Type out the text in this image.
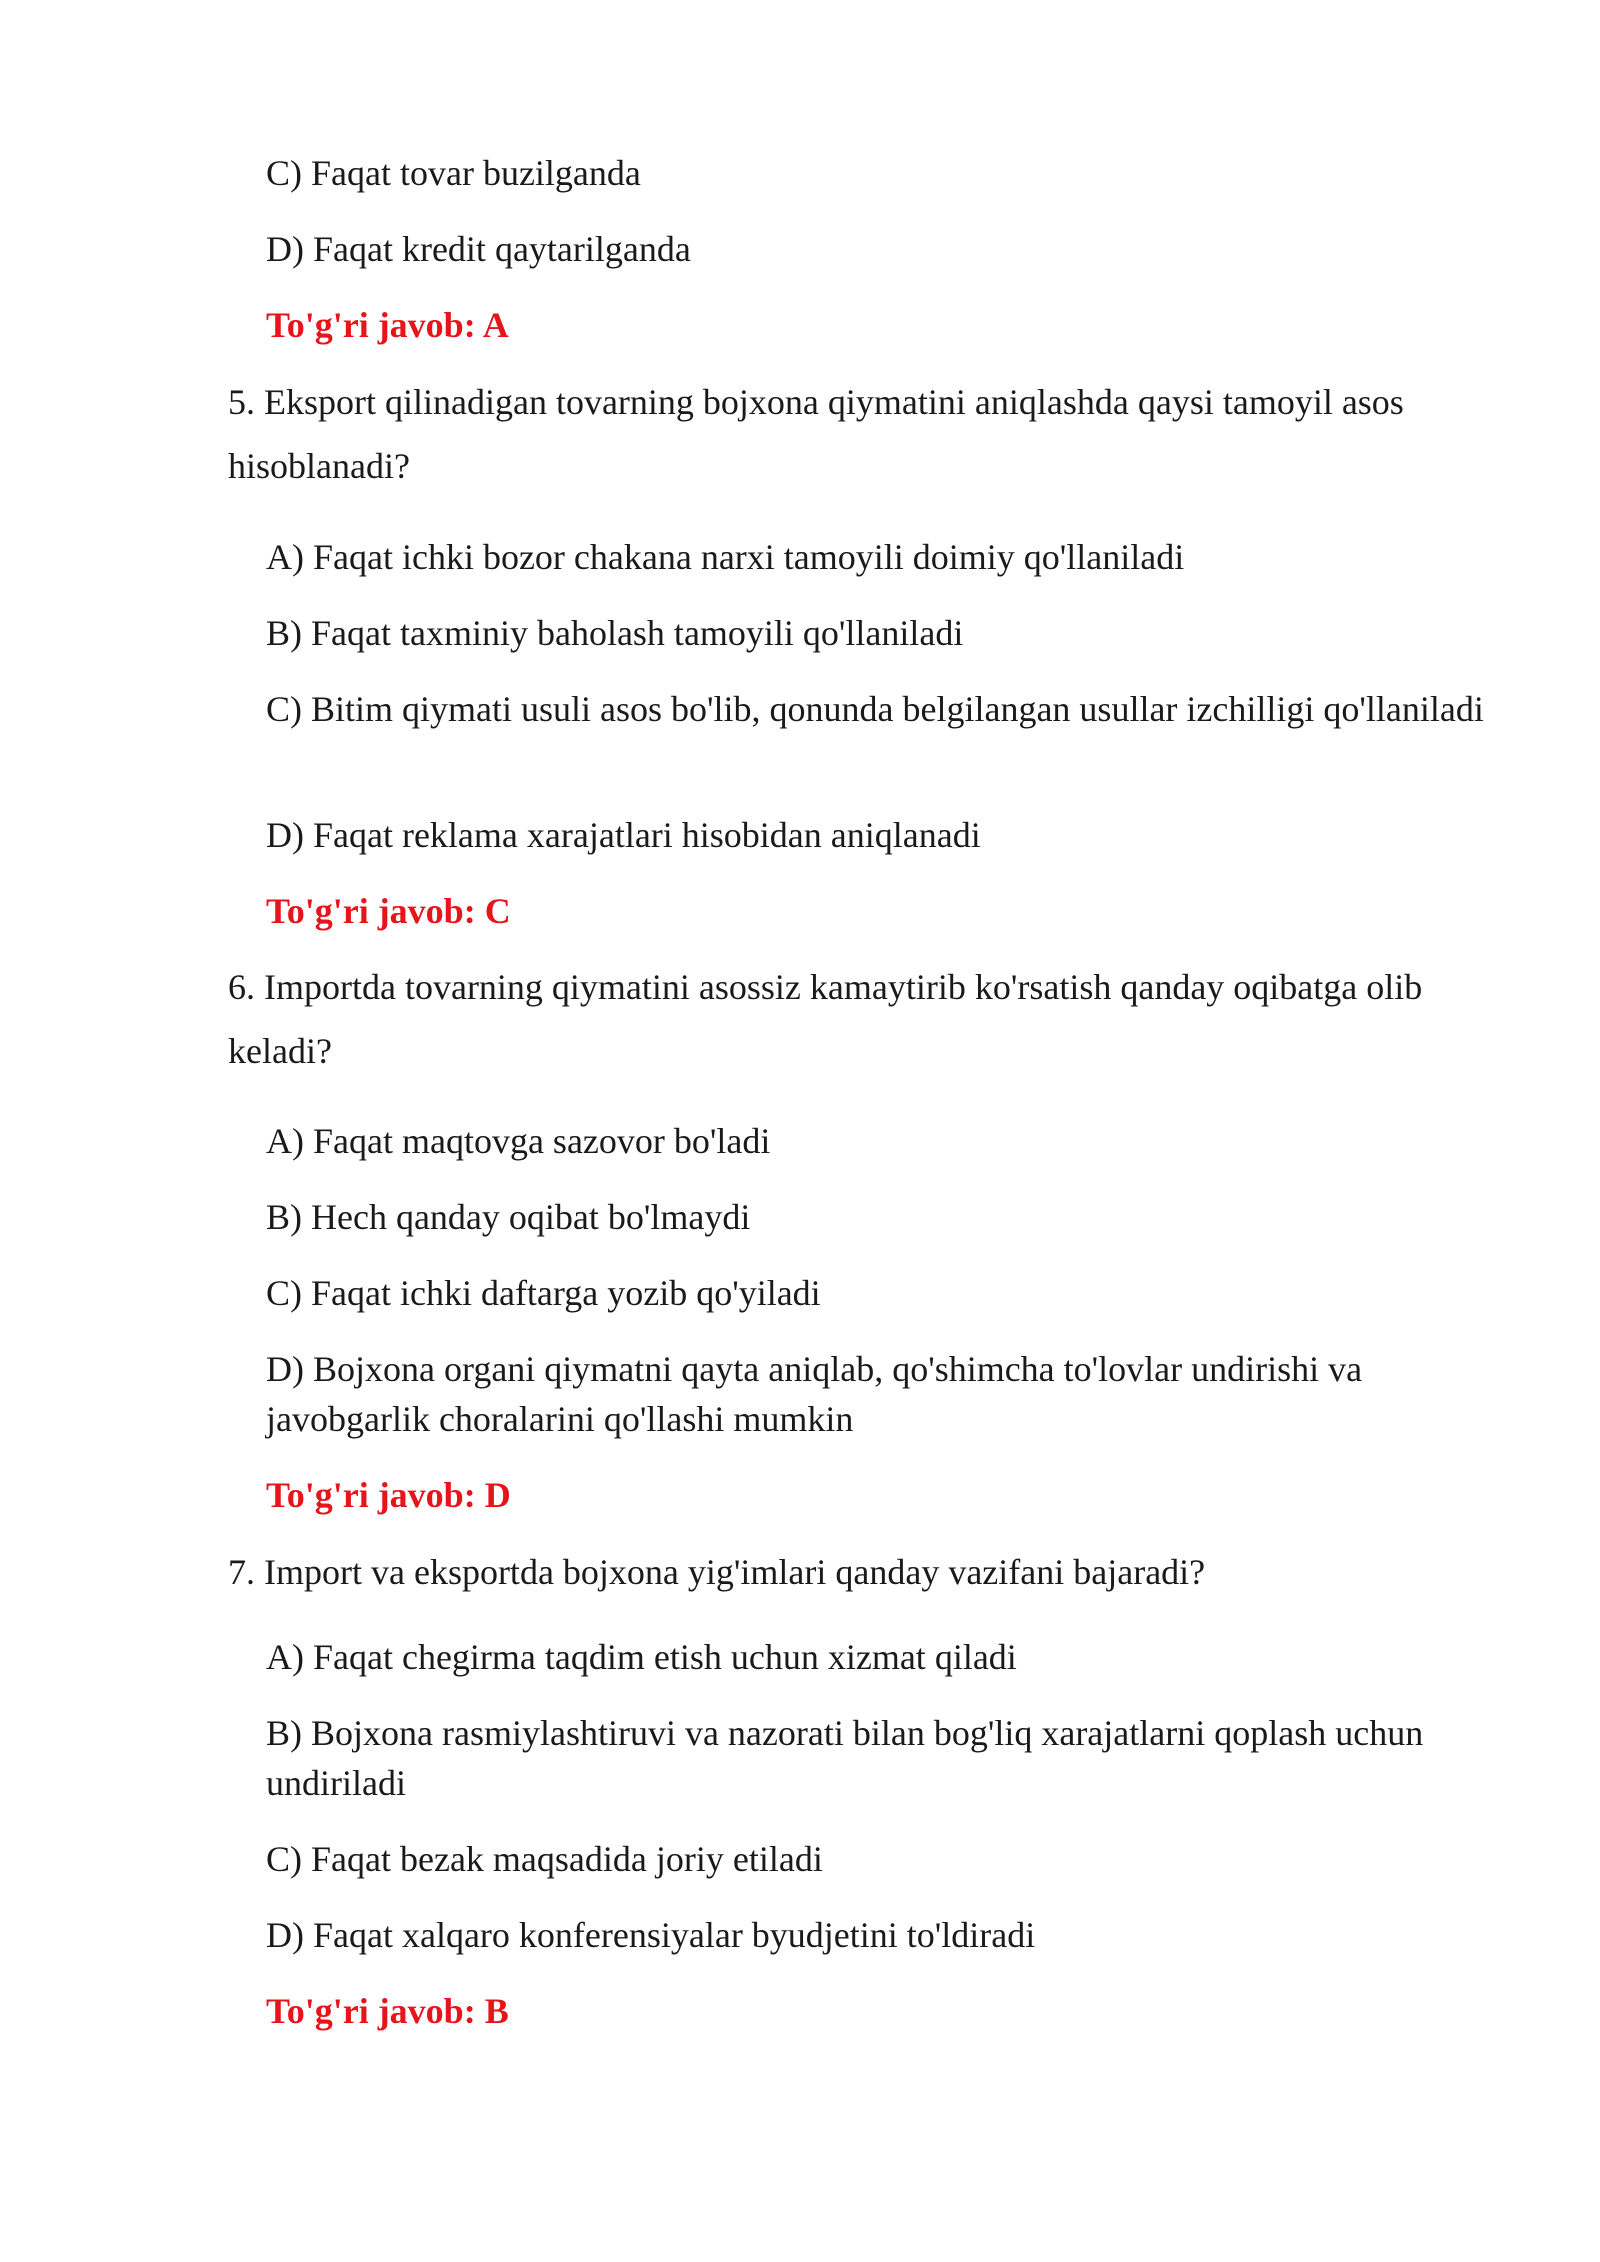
C) Faqat tovar buzilganda
D) Faqat kredit qaytarilganda
To'g'ri javob: A
5. Eksport qilinadigan tovarning bojxona qiymatini aniqlashda qaysi tamoyil asos hisoblanadi?
A) Faqat ichki bozor chakana narxi tamoyili doimiy qo'llaniladi
B) Faqat taxminiy baholash tamoyili qo'llaniladi
C) Bitim qiymati usuli asos bo'lib, qonunda belgilangan usullar izchilligi qo'llaniladi
D) Faqat reklama xarajatlari hisobidan aniqlanadi
To'g'ri javob: C
6. Importda tovarning qiymatini asossiz kamaytirib ko'rsatish qanday oqibatga olib keladi?
A) Faqat maqtovga sazovor bo'ladi
B) Hech qanday oqibat bo'lmaydi
C) Faqat ichki daftarga yozib qo'yiladi
D) Bojxona organi qiymatni qayta aniqlab, qo'shimcha to'lovlar undirishi va javobgarlik choralarini qo'llashi mumkin
To'g'ri javob: D
7. Import va eksportda bojxona yig'imlari qanday vazifani bajaradi?
A) Faqat chegirma taqdim etish uchun xizmat qiladi
B) Bojxona rasmiylashtiruvi va nazorati bilan bog'liq xarajatlarni qoplash uchun undiriladi
C) Faqat bezak maqsadida joriy etiladi
D) Faqat xalqaro konferensiyalar byudjetini to'ldiradi
To'g'ri javob: B
